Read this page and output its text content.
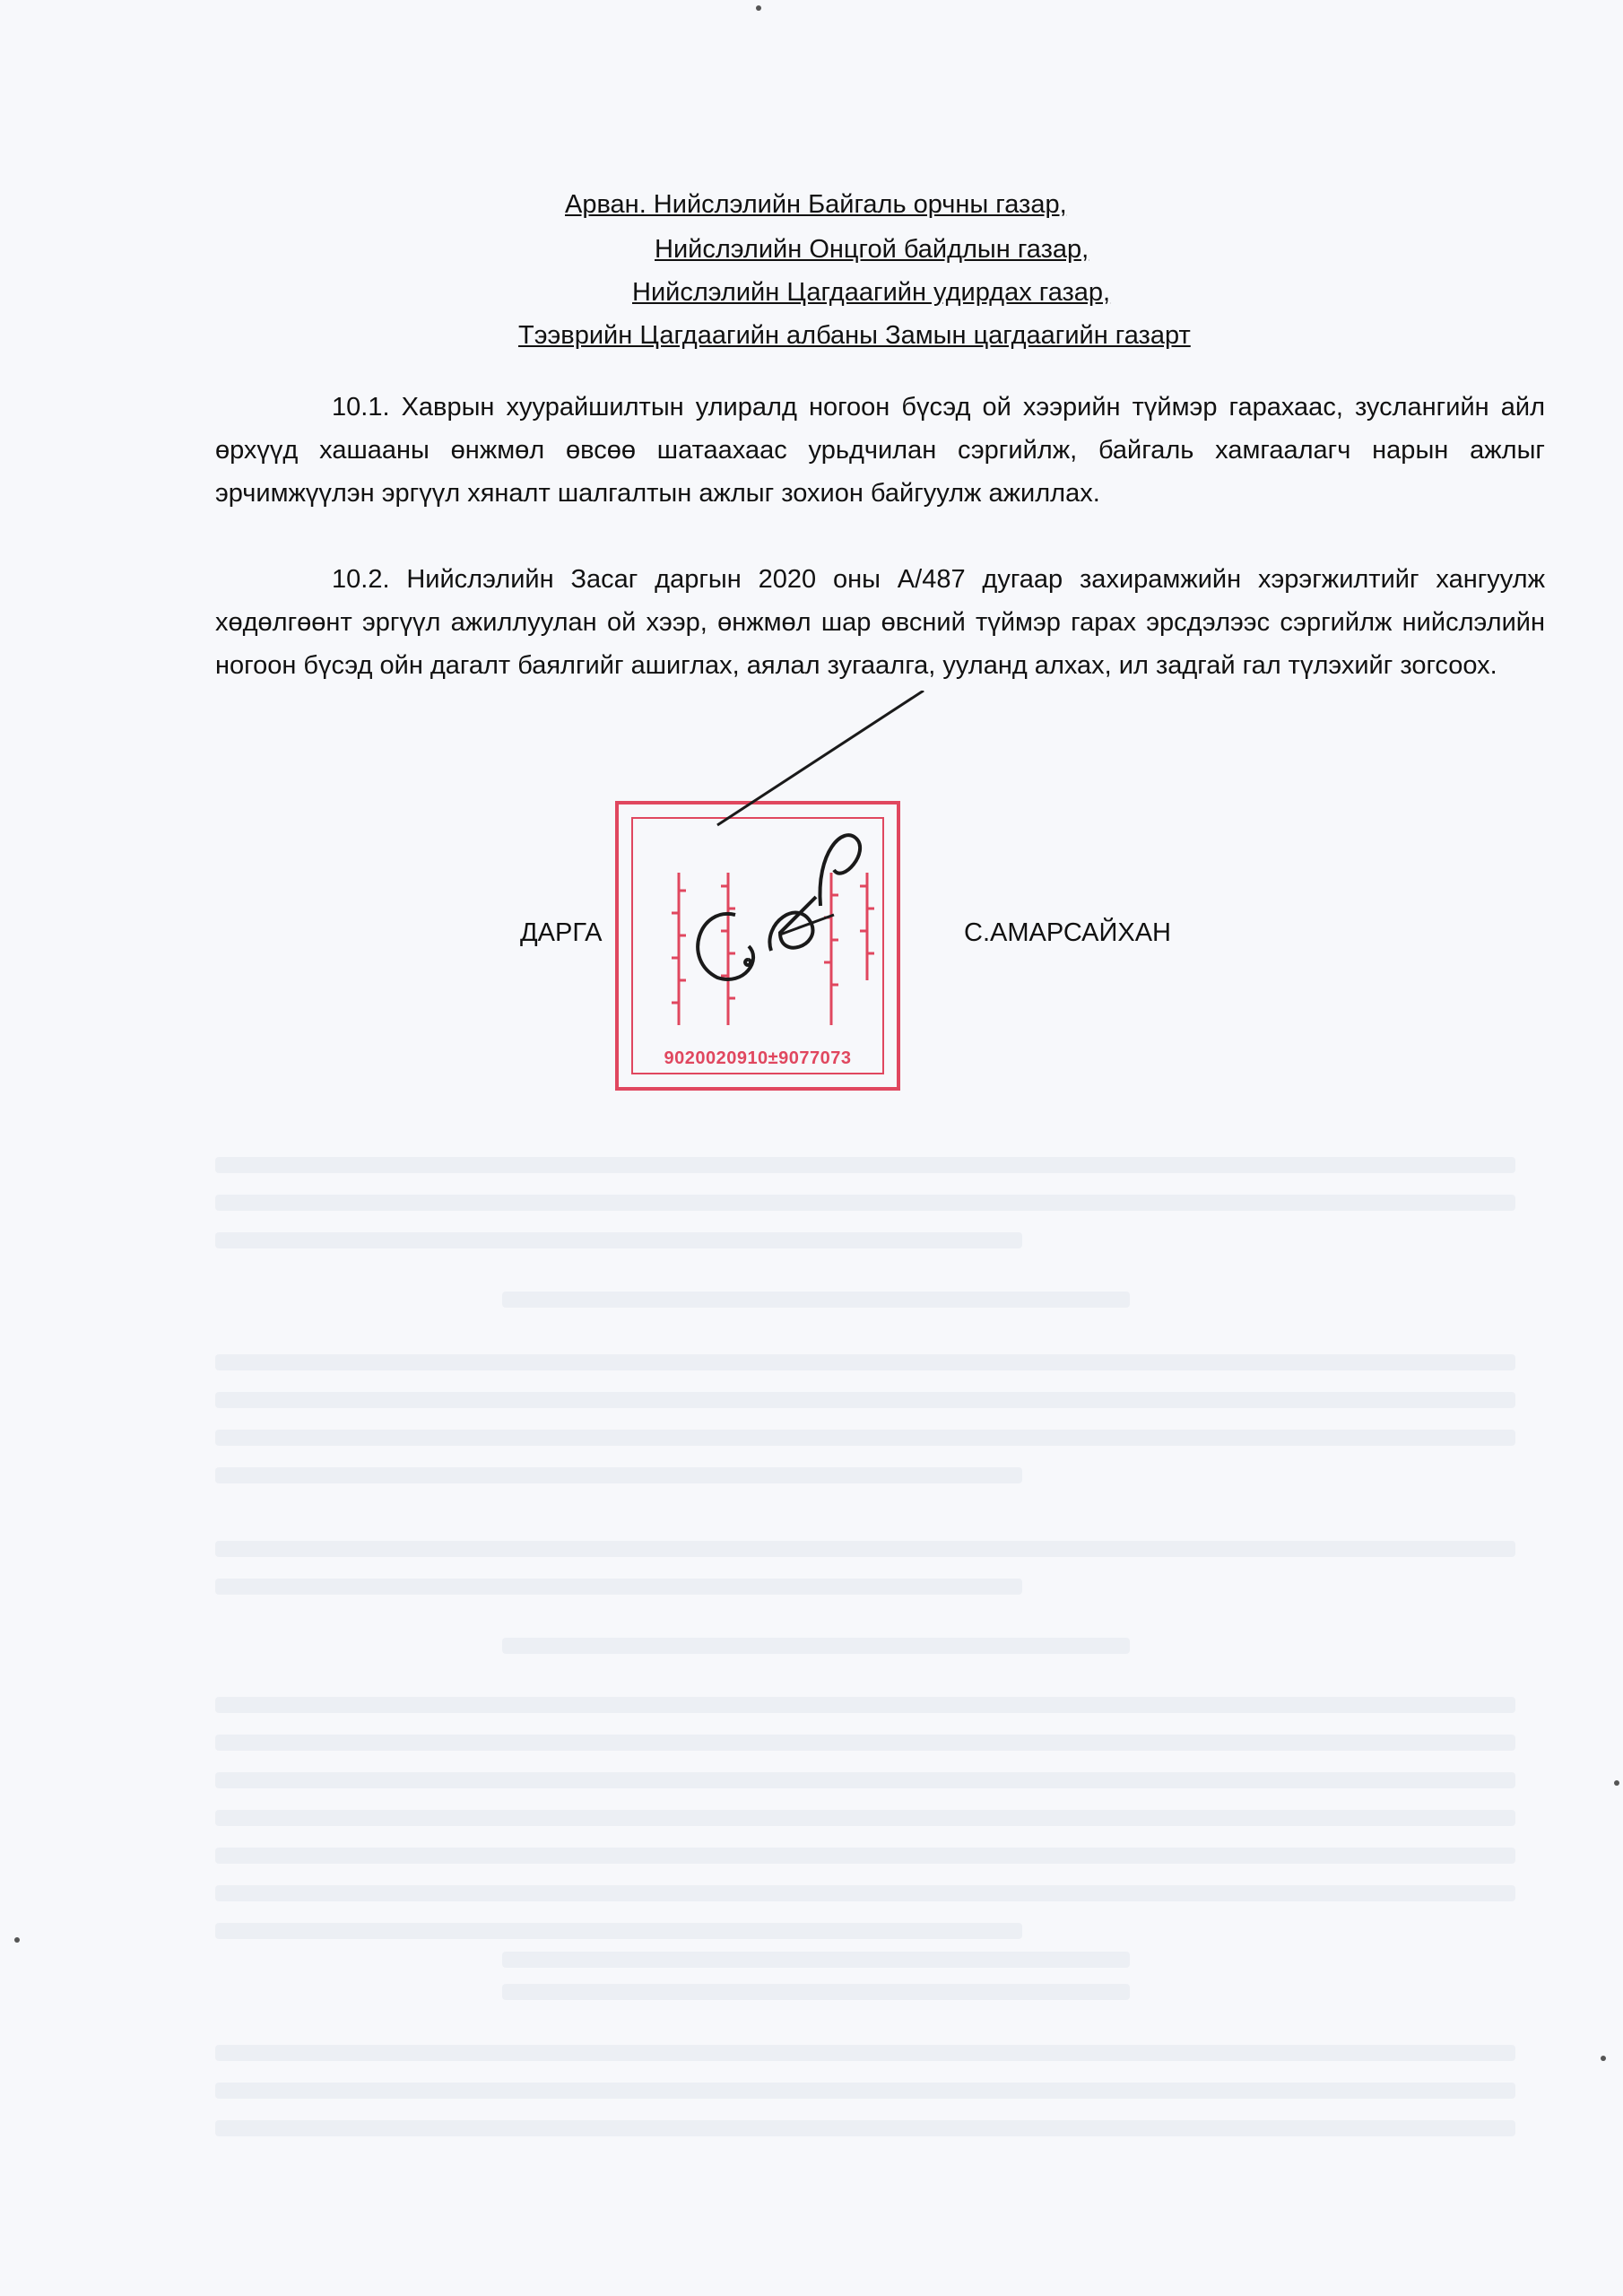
Арван. Нийслэлийн Байгаль орчны газар,
Нийслэлийн Онцгой байдлын газар,
Нийслэлийн Цагдаагийн удирдах газар,
Тээврийн Цагдаагийн албаны Замын цагдаагийн газарт

10.1. Хаврын хуурайшилтын улиралд ногоон бүсэд ой хээрийн түймэр гарахаас, зуслангийн айл өрхүүд хашааны өнжмөл өвсөө шатаахаас урьдчилан сэргийлж, байгаль хамгаалагч нарын ажлыг эрчимжүүлэн эргүүл хяналт шалгалтын ажлыг зохион байгуулж ажиллах.

10.2. Нийслэлийн Засаг даргын 2020 оны А/487 дугаар захирамжийн хэрэгжилтийг хангуулж хөдөлгөөнт эргүүл ажиллуулан ой хээр, өнжмөл шар өвсний түймэр гарах эрсдэлээс сэргийлж нийслэлийн ногоон бүсэд ойн дагалт баялгийг ашиглах, аялал зугаалга, ууланд алхах, ил задгай гал түлэхийг зогсоох.

9020020910±9077073
ДАРГА	С.АМАРСАЙХАН
